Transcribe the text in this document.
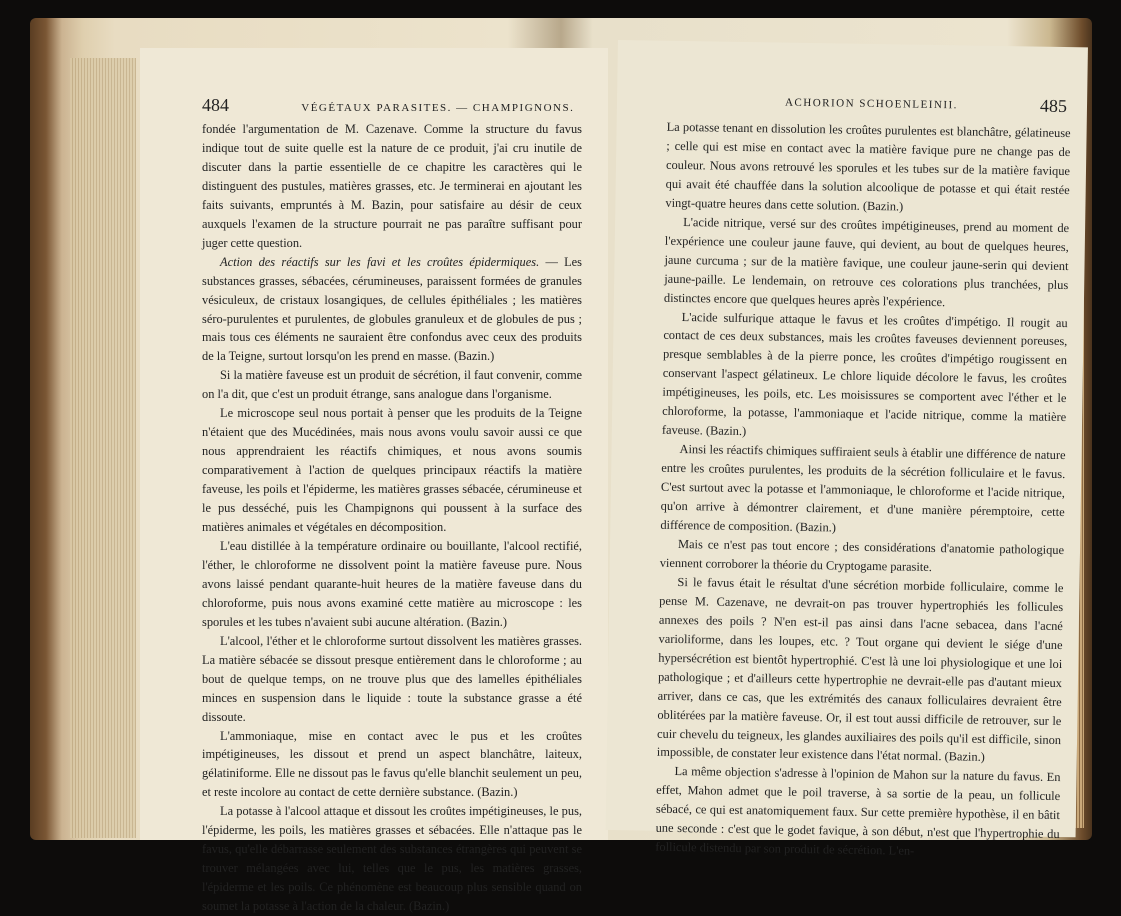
484	VÉGÉTAUX PARASITES. — CHAMPIGNONS.

fondée l'argumentation de M. Cazenave. Comme la structure du favus indique tout de suite quelle est la nature de ce produit, j'ai cru inutile de discuter dans la partie essentielle de ce chapitre les caractères qui le distinguent des pustules, matières grasses, etc. Je terminerai en ajoutant les faits suivants, empruntés à M. Bazin, pour satisfaire au désir de ceux auxquels l'examen de la structure pourrait ne pas paraître suffisant pour juger cette question.

Action des réactifs sur les favi et les croûtes épidermiques. — Les substances grasses, sébacées, cérumineuses, paraissent formées de granules vésiculeux, de cristaux losangiques, de cellules épithéliales ; les matières séro-purulentes et purulentes, de globules granuleux et de globules de pus ; mais tous ces éléments ne sauraient être confondus avec ceux des produits de la Teigne, surtout lorsqu'on les prend en masse. (Bazin.)

Si la matière faveuse est un produit de sécrétion, il faut convenir, comme on l'a dit, que c'est un produit étrange, sans analogue dans l'organisme.

Le microscope seul nous portait à penser que les produits de la Teigne n'étaient que des Mucédinées, mais nous avons voulu savoir aussi ce que nous apprendraient les réactifs chimiques, et nous avons soumis comparativement à l'action de quelques principaux réactifs la matière faveuse, les poils et l'épiderme, les matières grasses sébacée, cérumineuse et le pus desséché, puis les Champignons qui poussent à la surface des matières animales et végétales en décomposition.

L'eau distillée à la température ordinaire ou bouillante, l'alcool rectifié, l'éther, le chloroforme ne dissolvent point la matière faveuse pure. Nous avons laissé pendant quarante-huit heures de la matière faveuse dans du chloroforme, puis nous avons examiné cette matière au microscope : les sporules et les tubes n'avaient subi aucune altération. (Bazin.)

L'alcool, l'éther et le chloroforme surtout dissolvent les matières grasses. La matière sébacée se dissout presque entièrement dans le chloroforme ; au bout de quelque temps, on ne trouve plus que des lamelles épithéliales minces en suspension dans le liquide : toute la substance grasse a été dissoute.

L'ammoniaque, mise en contact avec le pus et les croûtes impétigineuses, les dissout et prend un aspect blanchâtre, laiteux, gélatiniforme. Elle ne dissout pas le favus qu'elle blanchit seulement un peu, et reste incolore au contact de cette dernière substance. (Bazin.)

La potasse à l'alcool attaque et dissout les croûtes impétigineuses, le pus, l'épiderme, les poils, les matières grasses et sébacées. Elle n'attaque pas le favus, qu'elle débarrasse seulement des substances étrangères qui peuvent se trouver mélangées avec lui, telles que le pus, les matières grasses, l'épiderme et les poils. Ce phénomène est beaucoup plus sensible quand on soumet la potasse à l'action de la chaleur. (Bazin.)

ACHORION SCHOENLEINII.	485

La potasse tenant en dissolution les croûtes purulentes est blanchâtre, gélatineuse ; celle qui est mise en contact avec la matière favique pure ne change pas de couleur. Nous avons retrouvé les sporules et les tubes sur de la matière favique qui avait été chauffée dans la solution alcoolique de potasse et qui était restée vingt-quatre heures dans cette solution. (Bazin.)

L'acide nitrique, versé sur des croûtes impétigineuses, prend au moment de l'expérience une couleur jaune fauve, qui devient, au bout de quelques heures, jaune curcuma ; sur de la matière favique, une couleur jaune-serin qui devient jaune-paille. Le lendemain, on retrouve ces colorations plus tranchées, plus distinctes encore que quelques heures après l'expérience.

L'acide sulfurique attaque le favus et les croûtes d'impétigo. Il rougit au contact de ces deux substances, mais les croûtes faveuses deviennent poreuses, presque semblables à de la pierre ponce, les croûtes d'impétigo rougissent en conservant l'aspect gélatineux. Le chlore liquide décolore le favus, les croûtes impétigineuses, les poils, etc. Les moisissures se comportent avec l'éther et le chloroforme, la potasse, l'ammoniaque et l'acide nitrique, comme la matière faveuse. (Bazin.)

Ainsi les réactifs chimiques suffiraient seuls à établir une différence de nature entre les croûtes purulentes, les produits de la sécrétion folliculaire et le favus. C'est surtout avec la potasse et l'ammoniaque, le chloroforme et l'acide nitrique, qu'on arrive à démontrer clairement, et d'une manière péremptoire, cette différence de composition. (Bazin.)

Mais ce n'est pas tout encore ; des considérations d'anatomie pathologique viennent corroborer la théorie du Cryptogame parasite.

Si le favus était le résultat d'une sécrétion morbide folliculaire, comme le pense M. Cazenave, ne devrait-on pas trouver hypertrophiés les follicules annexes des poils ? N'en est-il pas ainsi dans l'acne sebacea, dans l'acné varioliforme, dans les loupes, etc. ? Tout organe qui devient le siége d'une hypersécrétion est bientôt hypertrophié. C'est là une loi physiologique et une loi pathologique ; et d'ailleurs cette hypertrophie ne devrait-elle pas d'autant mieux arriver, dans ce cas, que les extrémités des canaux folliculaires devraient être oblitérées par la matière faveuse. Or, il est tout aussi difficile de retrouver, sur le cuir chevelu du teigneux, les glandes auxiliaires des poils qu'il est difficile, sinon impossible, de constater leur existence dans l'état normal. (Bazin.)

La même objection s'adresse à l'opinion de Mahon sur la nature du favus. En effet, Mahon admet que le poil traverse, à sa sortie de la peau, un follicule sébacé, ce qui est anatomiquement faux. Sur cette première hypothèse, il en bâtit une seconde : c'est que le godet favique, à son début, n'est que l'hypertrophie du follicule distendu par son produit de sécrétion. L'en-
